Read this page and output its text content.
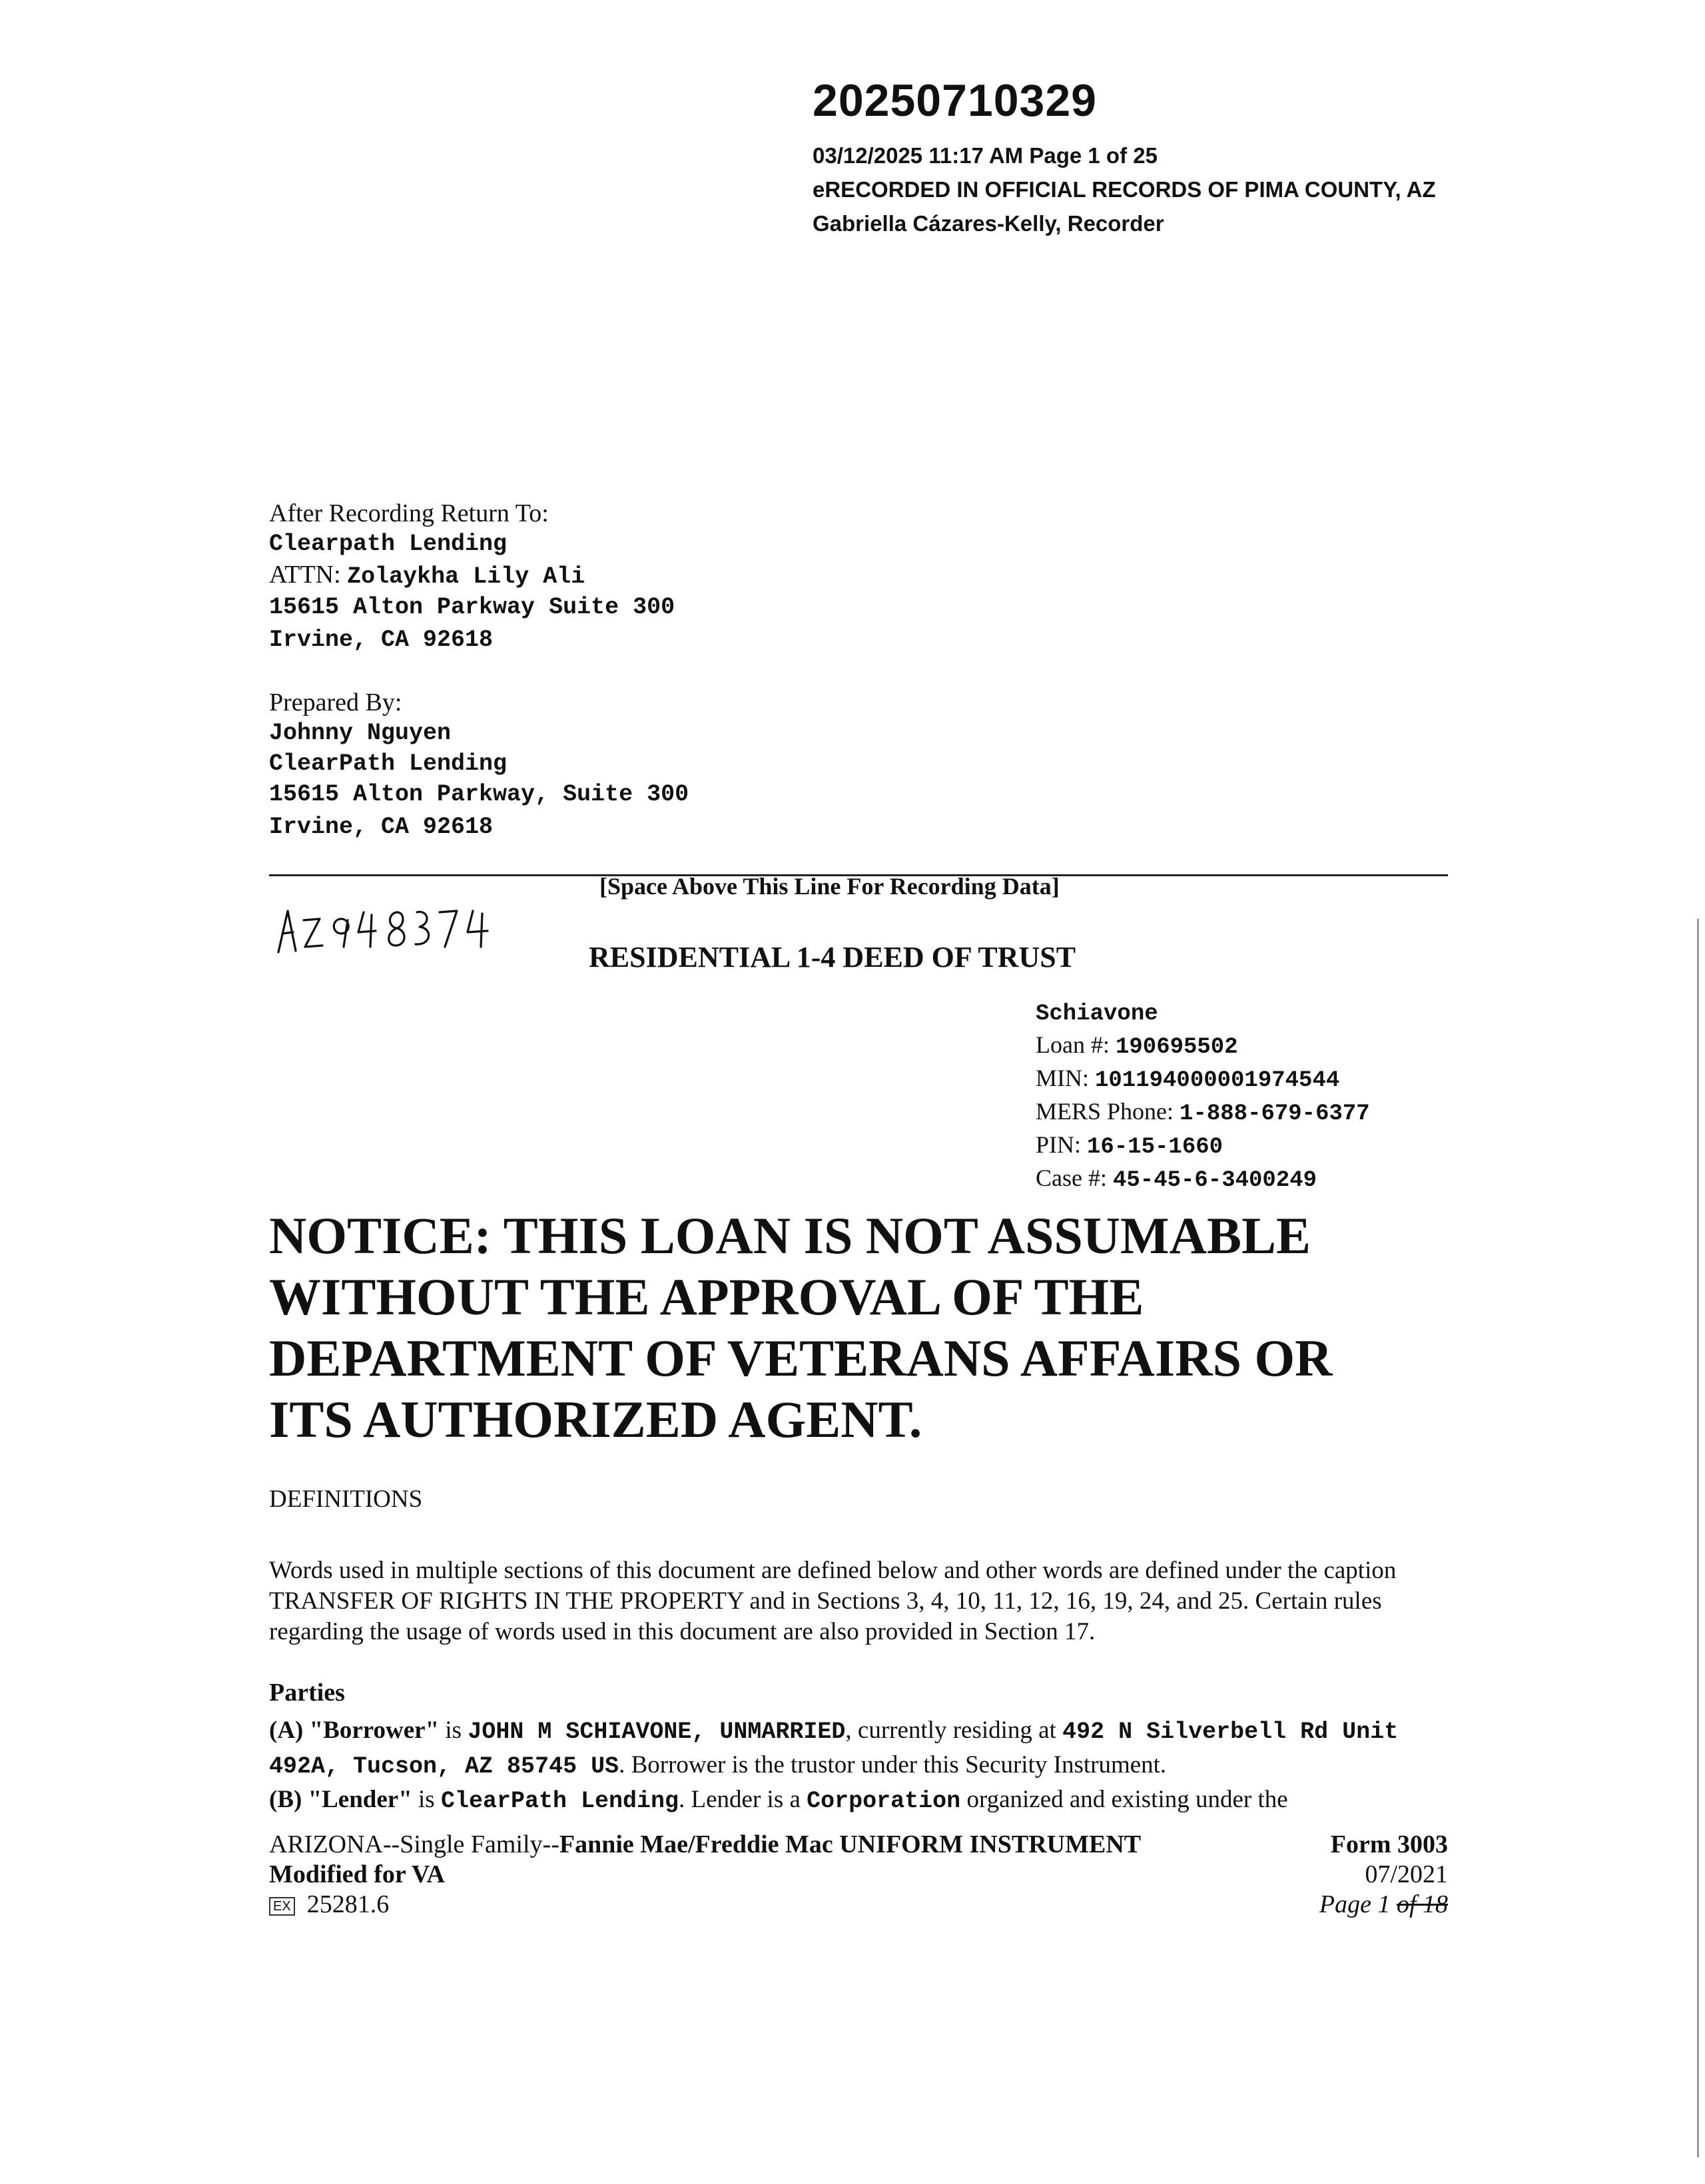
20250710329
03/12/2025 11:17 AM Page 1 of 25
eRECORDED IN OFFICIAL RECORDS OF PIMA COUNTY, AZ
Gabriella Cázares-Kelly, Recorder
After Recording Return To:
Clearpath Lending
ATTN: Zolaykha Lily Ali
15615 Alton Parkway Suite 300
Irvine, CA 92618
Prepared By:
Johnny Nguyen
ClearPath Lending
15615 Alton Parkway, Suite 300
Irvine, CA 92618
[Space Above This Line For Recording Data]
RESIDENTIAL 1-4 DEED OF TRUST
Schiavone
Loan #: 190695502
MIN: 101194000001974544
MERS Phone: 1-888-679-6377
PIN: 16-15-1660
Case #: 45-45-6-3400249
NOTICE: THIS LOAN IS NOT ASSUMABLE
WITHOUT THE APPROVAL OF THE
DEPARTMENT OF VETERANS AFFAIRS OR
ITS AUTHORIZED AGENT.
DEFINITIONS
Words used in multiple sections of this document are defined below and other words are defined under the caption TRANSFER OF RIGHTS IN THE PROPERTY and in Sections 3, 4, 10, 11, 12, 16, 19, 24, and 25. Certain rules regarding the usage of words used in this document are also provided in Section 17.
Parties
(A) "Borrower" is JOHN M SCHIAVONE, UNMARRIED, currently residing at 492 N Silverbell Rd Unit 492A, Tucson, AZ 85745 US. Borrower is the trustor under this Security Instrument.
(B) "Lender" is ClearPath Lending. Lender is a Corporation organized and existing under the
ARIZONA--Single Family--Fannie Mae/Freddie Mac UNIFORM INSTRUMENT
Modified for VA
EX 25281.6
Form 3003
07/2021
Page 1 of 18
